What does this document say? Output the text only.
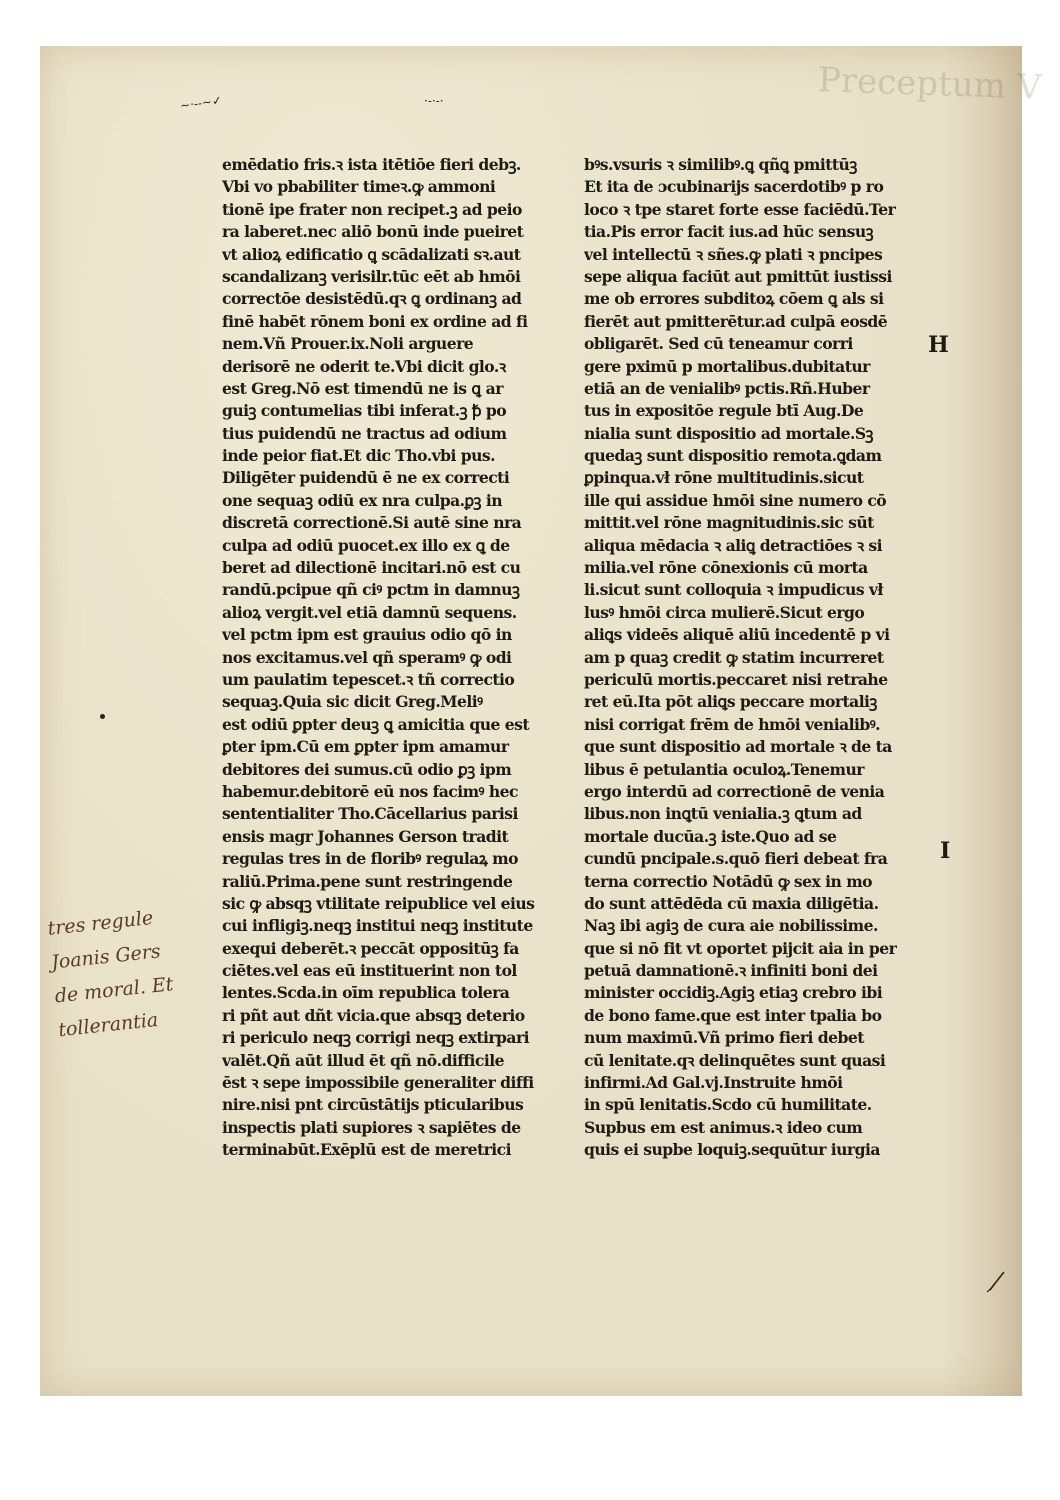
Preceptum V
~·--~✓	·-·-·
emēdatio fris.ꝛ ista itētiōe fieri debꝫ.
Vbi vo pbabiliter timeꝛ.ꝙ ammoni
tionē ipe frater non recipet.ꝫ ad peio
ra laberet.nec aliō bonū inde pueiret
vt alioꝝ edificatio ꝗ scādalizati sꝛ.aut
scandalizanꝫ verisilr.tūc eēt ab hmōi
correctōe desistēdū.qꝛ ꝗ ordinanꝫ ad
finē habēt rōnem boni ex ordine ad fi
nem.Vñ Prouer.ix.Noli arguere
derisorē ne oderit te.Vbi dicit glo.ꝛ
est Greg.Nō est timendū ne is ꝗ ar
guiꝫ contumelias tibi inferat.ꝫ ꝥ po
tius puidendū ne tractus ad odium
inde peior fiat.Et dic Tho.vbi pus.
Diligēter puidendū ē ne ex correcti
one sequaꝫ odiū ex nra culpa.ꝑꝫ in
discretā correctionē.Si autē sine nra
culpa ad odiū puocet.ex illo ex ꝗ de
beret ad dilectionē incitari.nō est cu
randū.pcipue qñ ciꝰ pctm in damnuꝫ
alioꝝ vergit.vel etiā damnū sequens.
vel pctm ipm est grauius odio qō in
nos excitamus.vel qñ speramꝰ ꝙ odi
um paulatim tepescet.ꝛ tñ correctio
sequaꝫ.Quia sic dicit Greg.Meliꝰ
est odiū ꝑpter deuꝫ ꝗ amicitia que est
ꝑter ipm.Cū em ꝑpter ipm amamur
debitores dei sumus.cū odio ꝑꝫ ipm
habemur.debitorē eū nos facimꝰ hec
sententialiter Tho.Cācellarius parisi
ensis magr Johannes Gerson tradit
regulas tres in de floribꝰ regulaꝝ mo
raliū.Prima.pene sunt restringende
sic ꝙ absqꝫ vtilitate reipublice vel eius
cui infligiꝫ.neqꝫ institui neqꝫ institute
exequi deberēt.ꝛ peccāt oppositūꝫ fa
ciētes.vel eas eū instituerint non tol
lentes.Scda.in oīm republica tolera
ri pñt aut dñt vicia.que absqꝫ deterio
ri periculo neqꝫ corrigi neqꝫ extirpari
valēt.Qñ aūt illud ēt qñ nō.difficile
ēst ꝛ sepe impossibile generaliter diffi
nire.nisi pnt circūstātijs pticularibus
inspectis plati supiores ꝛ sapiētes de
terminabūt.Exēplū est de meretrici
bꝰs.vsuris ꝛ similibꝰ.ꝗ qñꝗ pmittūꝫ
Et ita de ɔcubinarijs sacerdotibꝰ p ro
loco ꝛ tpe staret forte esse faciēdū.Ter
tia.Pis error facit ius.ad hūc sensuꝫ
vel intellectū ꝛ sñes.ꝙ plati ꝛ pncipes
sepe aliqua faciūt aut pmittūt iustissi
me ob errores subditoꝝ cōem ꝗ als si
fierēt aut pmitterētur.ad culpā eosdē
obligarēt. Sed cū teneamur corri
gere pximū p mortalibus.dubitatur
etiā an de venialibꝰ pctis.Rñ.Huber
tus in expositōe regule btī Aug.De
nialia sunt dispositio ad mortale.Sꝫ
quedaꝫ sunt dispositio remota.ꝗdam
ꝑpinqua.vł rōne multitudinis.sicut
ille qui assidue hmōi sine numero cō
mittit.vel rōne magnitudinis.sic sūt
aliqua mēdacia ꝛ aliꝗ detractiōes ꝛ si
milia.vel rōne cōnexionis cū morta
li.sicut sunt colloquia ꝛ impudicus vł
lusꝰ hmōi circa mulierē.Sicut ergo
aliꝗs videēs aliquē aliū incedentē p vi
am p quaꝫ credit ꝙ statim incurreret
periculū mortis.peccaret nisi retrahe
ret eū.Ita pōt aliꝗs peccare mortaliꝫ
nisi corrigat frēm de hmōi venialibꝰ.
que sunt dispositio ad mortale ꝛ de ta
libus ē petulantia oculoꝝ.Tenemur
ergo interdū ad correctionē de venia
libus.non inꝗtū venialia.ꝫ ꝗtum ad
mortale ducūa.ꝫ iste.Quo ad se
cundū pncipale.s.quō fieri debeat fra
terna correctio Notādū ꝙ sex in mo
do sunt attēdēda cū maxia diligētia.
Naꝫ ibi agiꝫ de cura aie nobilissime.
que si nō fit vt oportet pijcit aia in per
petuā damnationē.ꝛ infiniti boni dei
minister occidiꝫ.Agiꝫ etiaꝫ crebro ibi
de bono fame.que est inter tpalia bo
num maximū.Vñ primo fieri debet
cū lenitate.qꝛ delinquētes sunt quasi
infirmi.Ad Gal.vj.Instruite hmōi
in spū lenitatis.Scdo cū humilitate.
Supbus em est animus.ꝛ ideo cum
quis ei supbe loquiꝫ.sequūtur iurgia
H
I
tres regule
Joanis Gers
de moral. Et
tollerantia
